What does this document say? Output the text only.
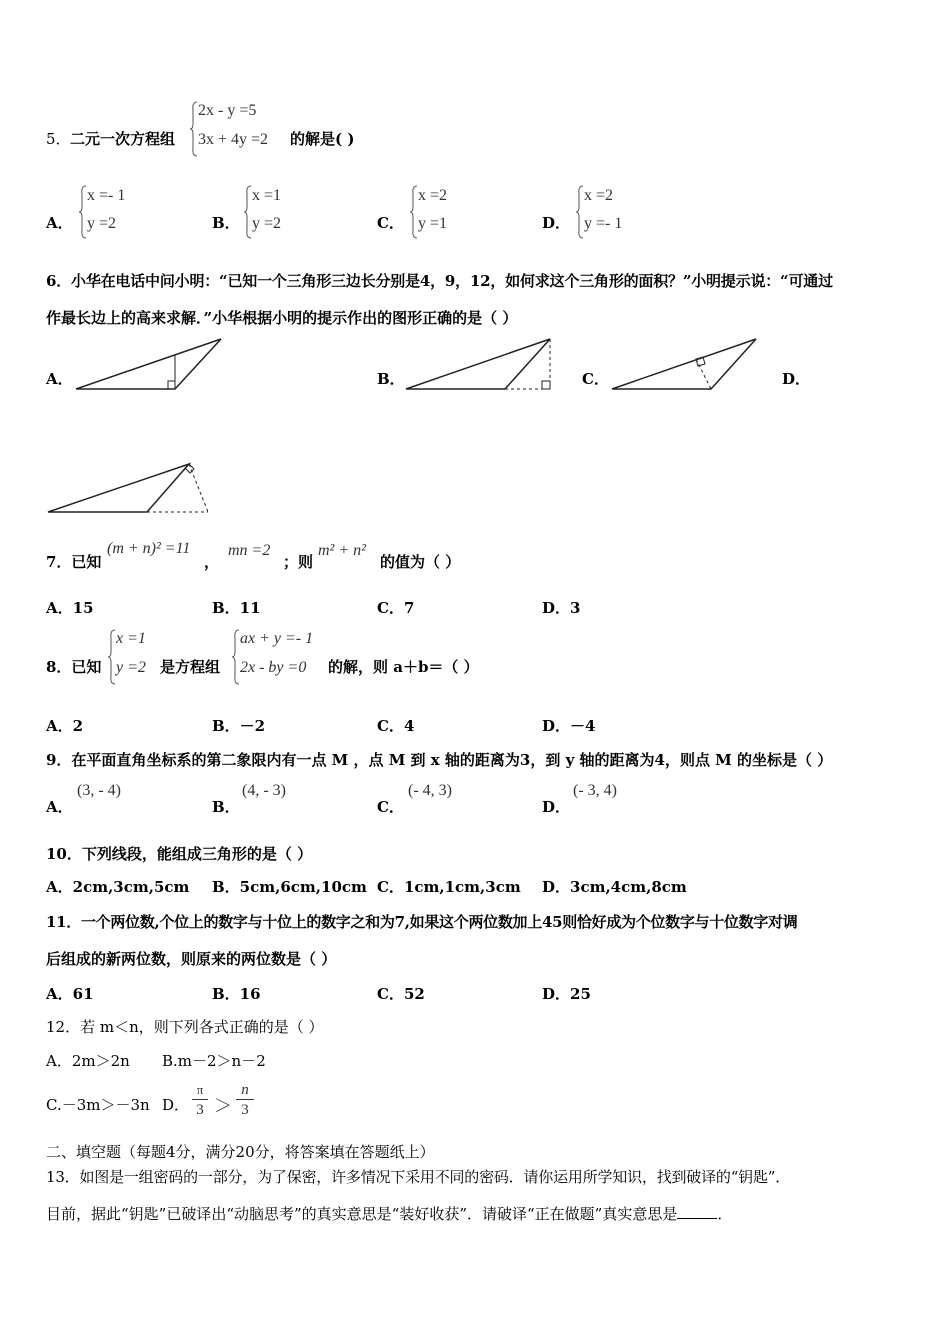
5． 二元一次方程组
2x - y =5
3x + 4y =2 的解是( )
A．
x =- 1
y =2	B．
x =1
y =2	C．
x =2
y =1	D．
x =2
y =- 1
6．小华在电话中问小明：“已知一个三角形三边长分别是4，9，12，如何求这个三角形的面积？”小明提示说：“可通过
作最长边上的高来求解．”小华根据小明的提示作出的图形正确的是（ ）
A．	B．	C．	D．
7．已知
(m + n)² =11
，
mn =2
；则
m² + n²
的值为（ ）
A．15	B．11	C．7	D．3
8．已知
x =1
y =2 是方程组
ax + y =- 1
2x - by =0 的解，则 a＋b＝（ ）
A．2	B．－2	C．4	D．－4
9．在平面直角坐标系的第二象限内有一点 M ，点 M 到 x 轴的距离为3，到 y 轴的距离为4，则点 M 的坐标是（ ）
A．
(3, - 4)
B．
(4, - 3)
C．
(- 4, 3)
D．
(- 3, 4)
10．下列线段，能组成三角形的是（ ）
A．2cm,3cm,5cm B．5cm,6cm,10cm C．1cm,1cm,3cm D．3cm,4cm,8cm
11．一个两位数,个位上的数字与十位上的数字之和为7,如果这个两位数加上45则恰好成为个位数字与十位数字对调
后组成的新两位数，则原来的两位数是（ ）
A．61	B．16	C．52	D．25
12．若 m＜n，则下列各式正确的是（ ）
A．2m＞2n B.m－2＞n－2
C.－3m＞－3n D．
π
3 ＞
n
3
二、填空题（每题4分，满分20分，将答案填在答题纸上）
13．如图是一组密码的一部分，为了保密，许多情况下采用不同的密码．请你运用所学知识，找到破译的“钥匙”．
目前，据此“钥匙”已破译出“动脑思考”的真实意思是“装好收获”．请破译“正在做题”真实意思是	．
